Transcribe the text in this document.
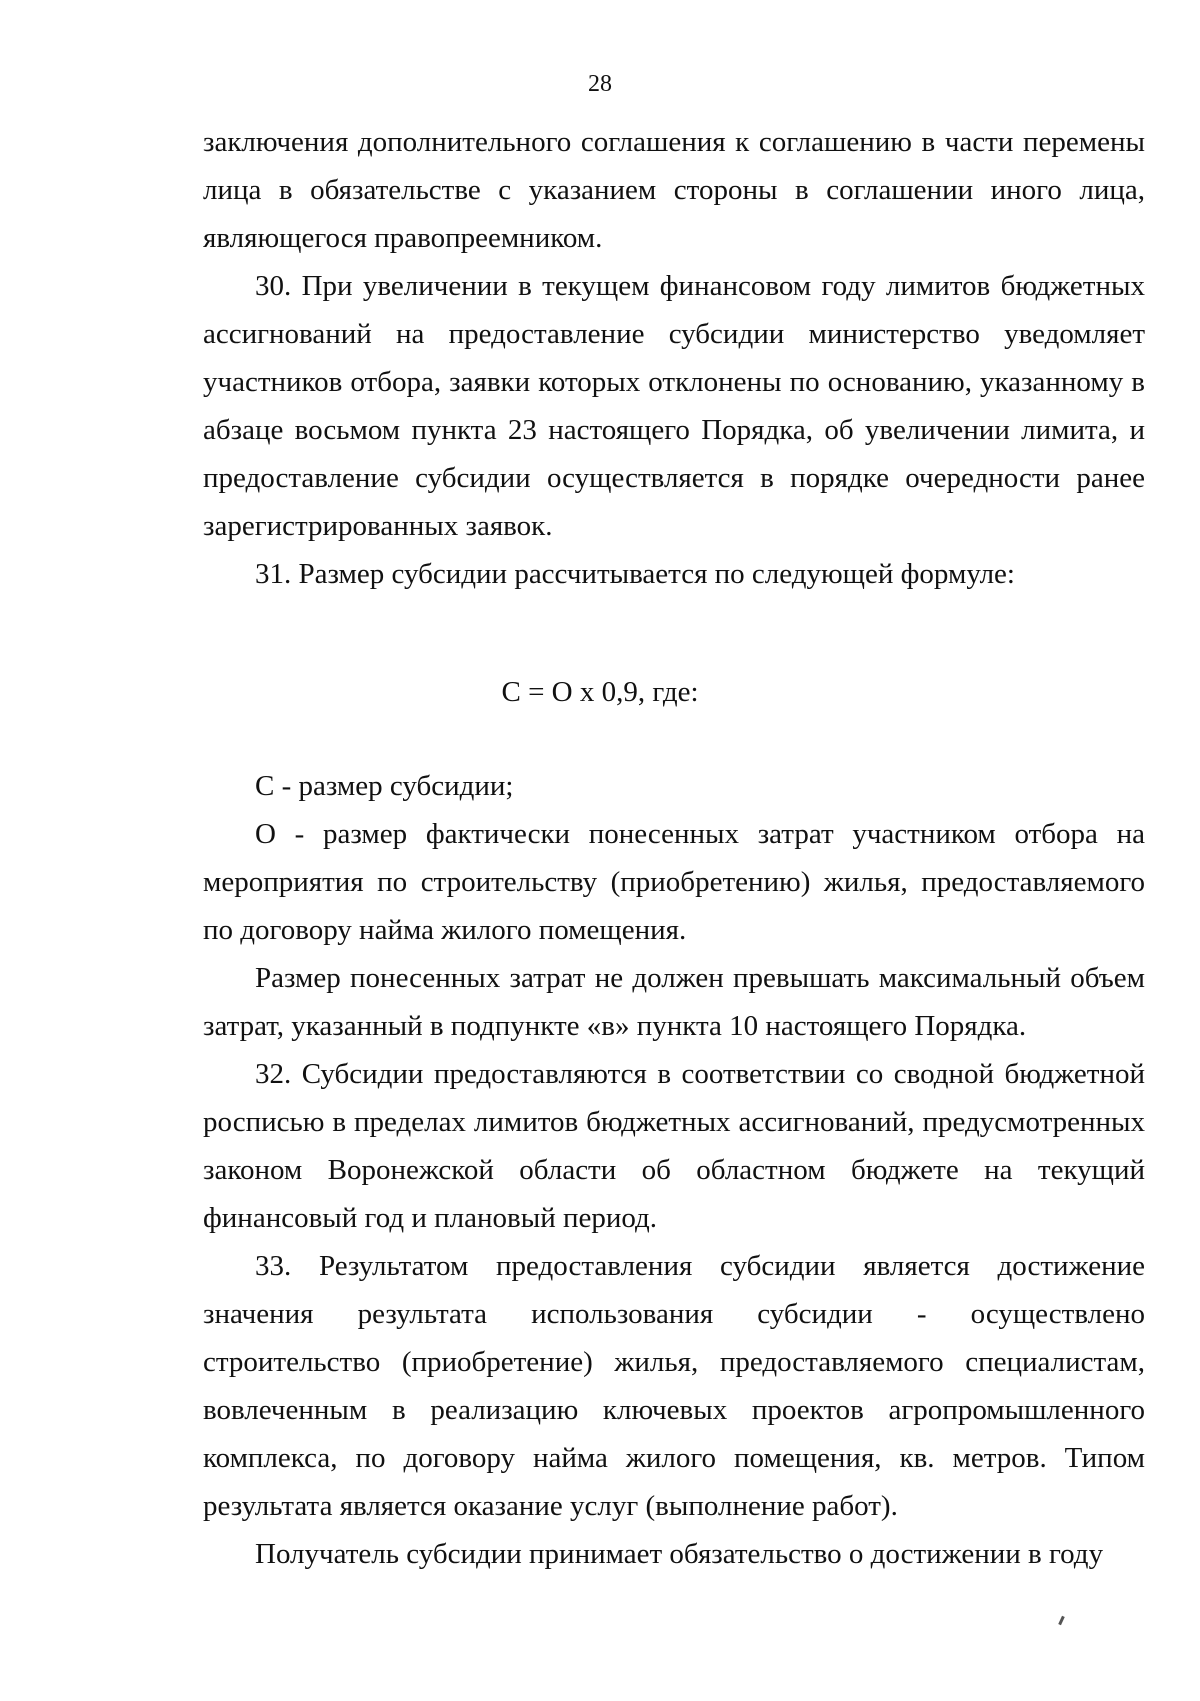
28

заключения дополнительного соглашения к соглашению в части перемены лица в обязательстве с указанием стороны в соглашении иного лица, являющегося правопреемником.

30. При увеличении в текущем финансовом году лимитов бюджетных ассигнований на предоставление субсидии министерство уведомляет участников отбора, заявки которых отклонены по основанию, указанному в абзаце восьмом пункта 23 настоящего Порядка, об увеличении лимита, и предоставление субсидии осуществляется в порядке очередности ранее зарегистрированных заявок.

31. Размер субсидии рассчитывается по следующей формуле:

С = О х 0,9, где:

С - размер субсидии;

О - размер фактически понесенных затрат участником отбора на мероприятия по строительству (приобретению) жилья, предоставляемого по договору найма жилого помещения.

Размер понесенных затрат не должен превышать максимальный объем затрат, указанный в подпункте «в» пункта 10 настоящего Порядка.

32. Субсидии предоставляются в соответствии со сводной бюджетной росписью в пределах лимитов бюджетных ассигнований, предусмотренных законом Воронежской области об областном бюджете на текущий финансовый год и плановый период.

33. Результатом предоставления субсидии является достижение значения результата использования субсидии - осуществлено строительство (приобретение) жилья, предоставляемого специалистам, вовлеченным в реализацию ключевых проектов агропромышленного комплекса, по договору найма жилого помещения, кв. метров. Типом результата является оказание услуг (выполнение работ).

Получатель субсидии принимает обязательство о достижении в году
